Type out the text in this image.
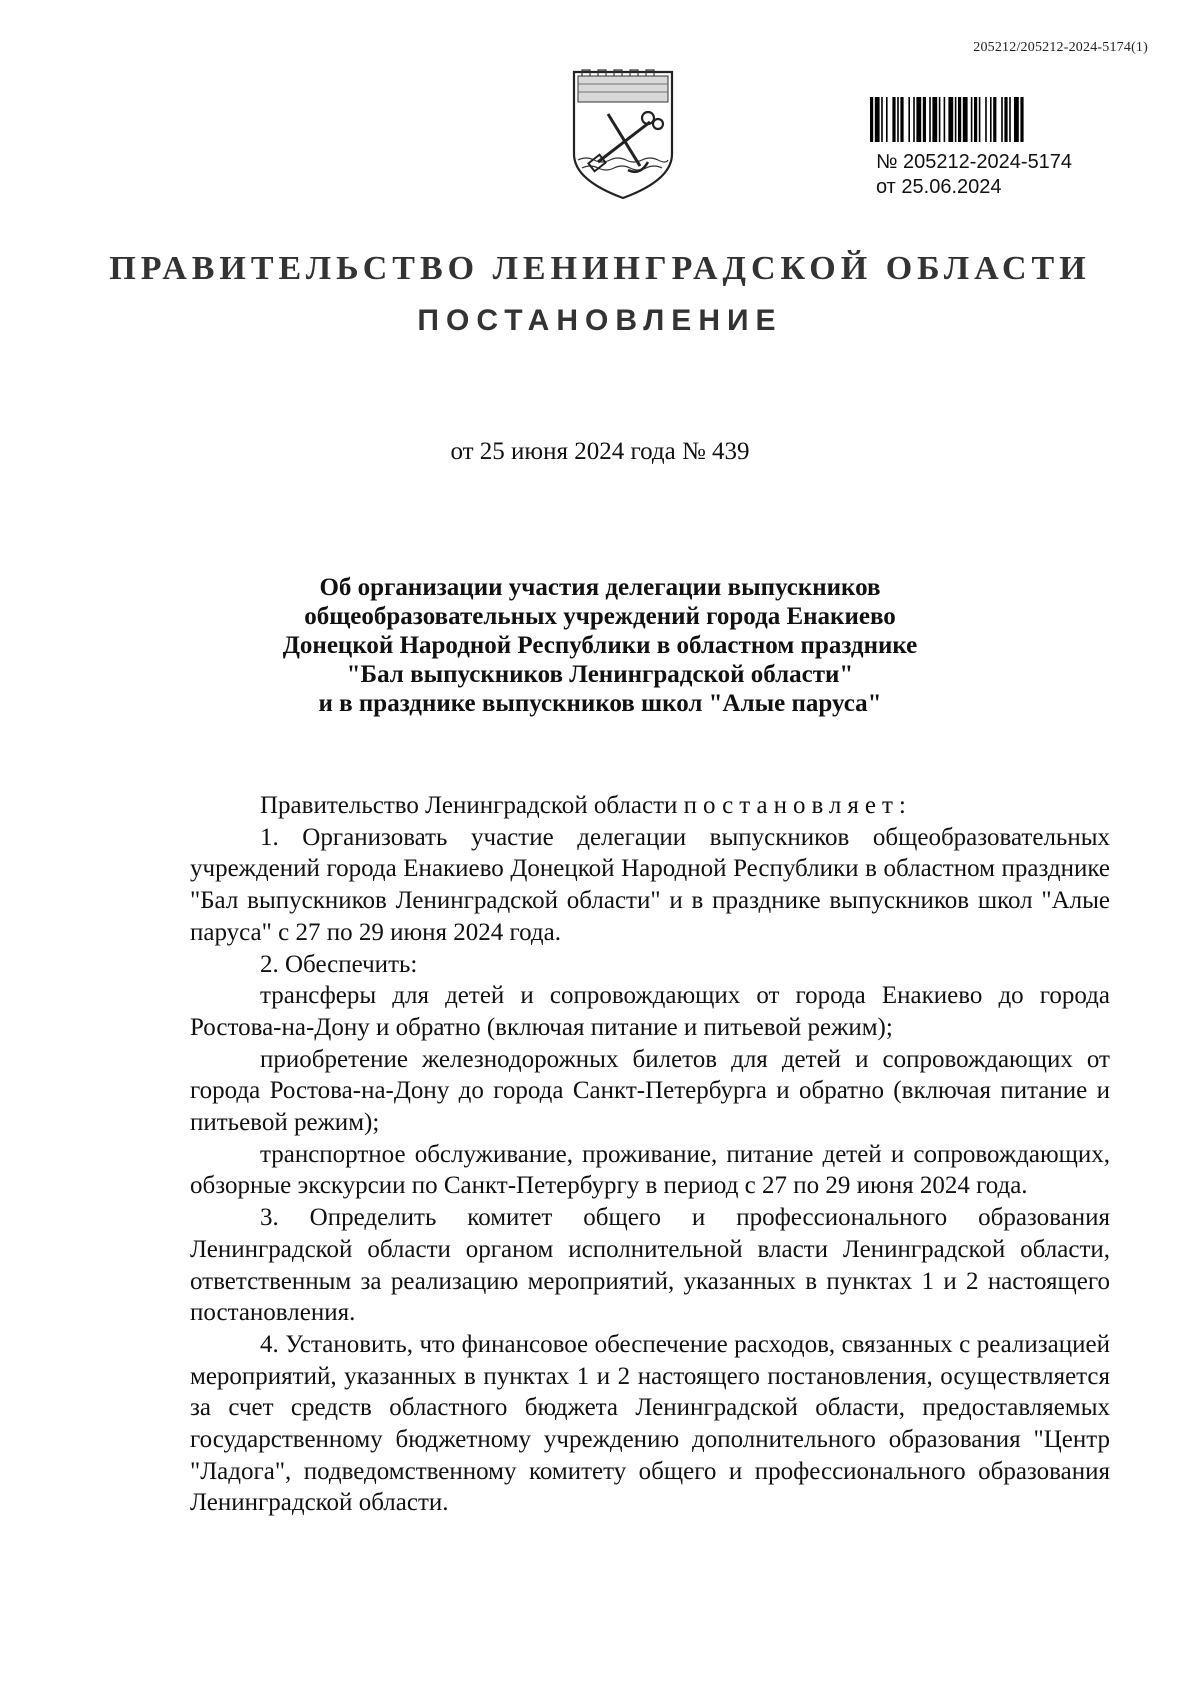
205212/205212-2024-5174(1)
№ 205212-2024-5174
от 25.06.2024
ПРАВИТЕЛЬСТВО ЛЕНИНГРАДСКОЙ ОБЛАСТИ
ПОСТАНОВЛЕНИЕ
от 25 июня 2024 года № 439
Об организации участия делегации выпускников
общеобразовательных учреждений города Енакиево
Донецкой Народной Республики в областном празднике
"Бал выпускников Ленинградской области"
и в празднике выпускников школ "Алые паруса"

Правительство Ленинградской области постановляет:

1. Организовать участие делегации выпускников общеобразовательных учреждений города Енакиево Донецкой Народной Республики в областном празднике "Бал выпускников Ленинградской области" и в празднике выпускников школ "Алые паруса" с 27 по 29 июня 2024 года.

2. Обеспечить:

трансферы для детей и сопровождающих от города Енакиево до города Ростова-на-Дону и обратно (включая питание и питьевой режим);

приобретение железнодорожных билетов для детей и сопровождающих от города Ростова-на-Дону до города Санкт-Петербурга и обратно (включая питание и питьевой режим);

транспортное обслуживание, проживание, питание детей и сопровождающих, обзорные экскурсии по Санкт-Петербургу в период с 27 по 29 июня 2024 года.

3. Определить комитет общего и профессионального образования Ленинградской области органом исполнительной власти Ленинградской области, ответственным за реализацию мероприятий, указанных в пунктах 1 и 2 настоящего постановления.

4. Установить, что финансовое обеспечение расходов, связанных с реализацией мероприятий, указанных в пунктах 1 и 2 настоящего постановления, осуществляется за счет средств областного бюджета Ленинградской области, предоставляемых государственному бюджетному учреждению дополнительного образования "Центр "Ладога", подведомственному комитету общего и профессионального образования Ленинградской области.
